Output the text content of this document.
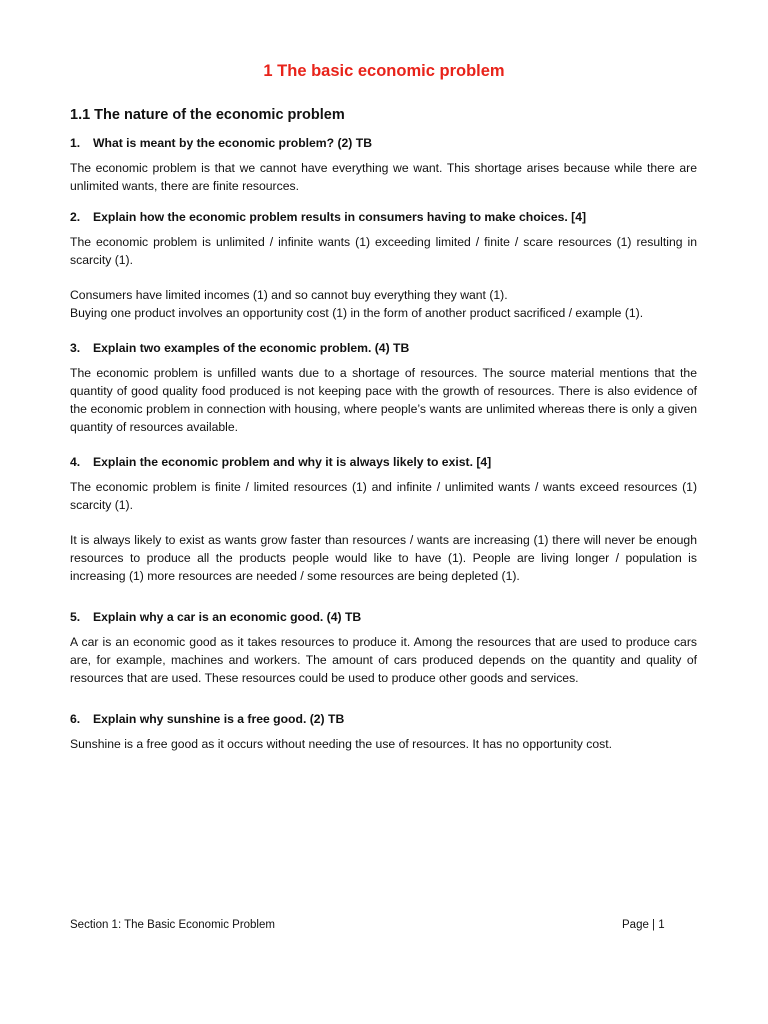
1 The basic economic problem
1.1 The nature of the economic problem

1. What is meant by the economic problem? (2) TB

The economic problem is that we cannot have everything we want. This shortage arises because while there are unlimited wants, there are finite resources.

2. Explain how the economic problem results in consumers having to make choices. [4]

The economic problem is unlimited / infinite wants (1) exceeding limited / finite / scare resources (1) resulting in scarcity (1).

Consumers have limited incomes (1) and so cannot buy everything they want (1).

Buying one product involves an opportunity cost (1) in the form of another product sacrificed / example (1).

3. Explain two examples of the economic problem. (4) TB

The economic problem is unfilled wants due to a shortage of resources. The source material mentions that the quantity of good quality food produced is not keeping pace with the growth of resources. There is also evidence of the economic problem in connection with housing, where people’s wants are unlimited whereas there is only a given quantity of resources available.

4. Explain the economic problem and why it is always likely to exist. [4]

The economic problem is finite / limited resources (1) and infinite / unlimited wants / wants exceed resources (1) scarcity (1).

It is always likely to exist as wants grow faster than resources / wants are increasing (1) there will never be enough resources to produce all the products people would like to have (1). People are living longer / population is increasing (1) more resources are needed / some resources are being depleted (1).

5. Explain why a car is an economic good. (4) TB

A car is an economic good as it takes resources to produce it. Among the resources that are used to produce cars are, for example, machines and workers. The amount of cars produced depends on the quantity and quality of resources that are used. These resources could be used to produce other goods and services.

6. Explain why sunshine is a free good. (2) TB

Sunshine is a free good as it occurs without needing the use of resources. It has no opportunity cost.

Section 1: The Basic Economic Problem	Page | 1
